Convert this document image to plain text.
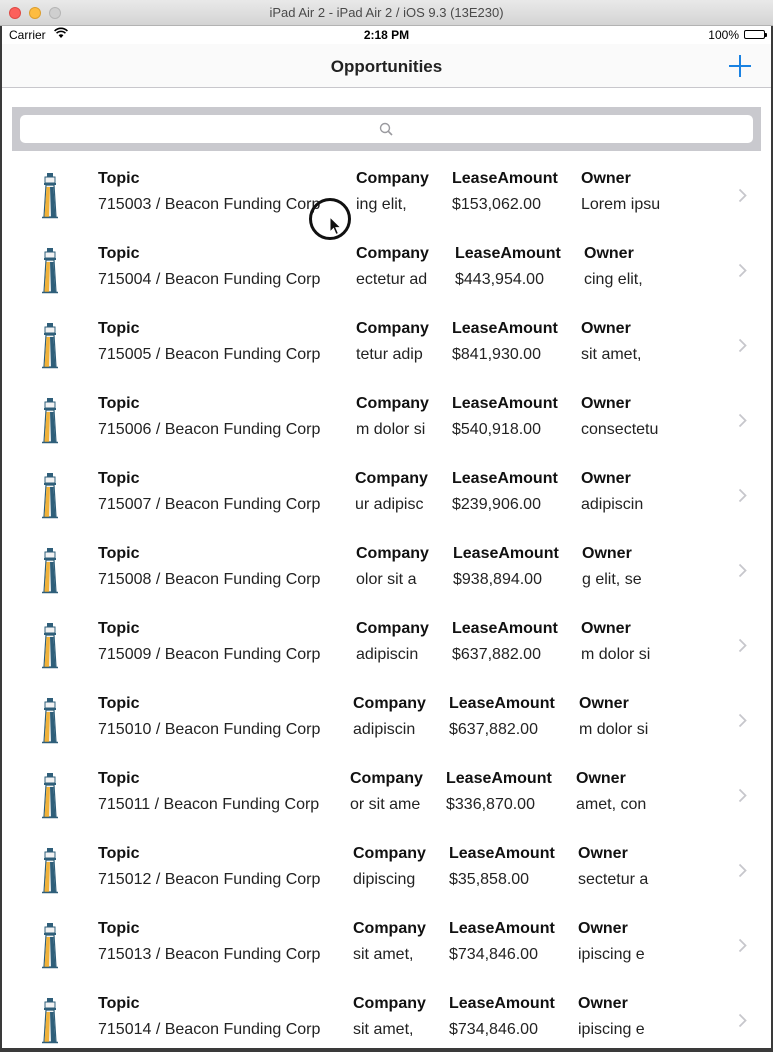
iPad Air 2 - iPad Air 2 / iOS 9.3 (13E230)
Carrier	2:18 PM	100%
Opportunities
Topic
715003 / Beacon Funding Corp
Company
ing elit,
LeaseAmount
$153,062.00
Owner
Lorem ipsu
Topic
715004 / Beacon Funding Corp
Company
ectetur ad
LeaseAmount
$443,954.00
Owner
cing elit,
Topic
715005 / Beacon Funding Corp
Company
tetur adip
LeaseAmount
$841,930.00
Owner
sit amet,
Topic
715006 / Beacon Funding Corp
Company
m dolor si
LeaseAmount
$540,918.00
Owner
consectetu
Topic
715007 / Beacon Funding Corp
Company
ur adipisc
LeaseAmount
$239,906.00
Owner
adipiscin
Topic
715008 / Beacon Funding Corp
Company
olor sit a
LeaseAmount
$938,894.00
Owner
g elit, se
Topic
715009 / Beacon Funding Corp
Company
adipiscin
LeaseAmount
$637,882.00
Owner
m dolor si
Topic
715010 / Beacon Funding Corp
Company
adipiscin
LeaseAmount
$637,882.00
Owner
m dolor si
Topic
715011 / Beacon Funding Corp
Company
or sit ame
LeaseAmount
$336,870.00
Owner
amet, con
Topic
715012 / Beacon Funding Corp
Company
dipiscing
LeaseAmount
$35,858.00
Owner
sectetur a
Topic
715013 / Beacon Funding Corp
Company
sit amet,
LeaseAmount
$734,846.00
Owner
ipiscing e
Topic
715014 / Beacon Funding Corp
Company
sit amet,
LeaseAmount
$734,846.00
Owner
ipiscing e
